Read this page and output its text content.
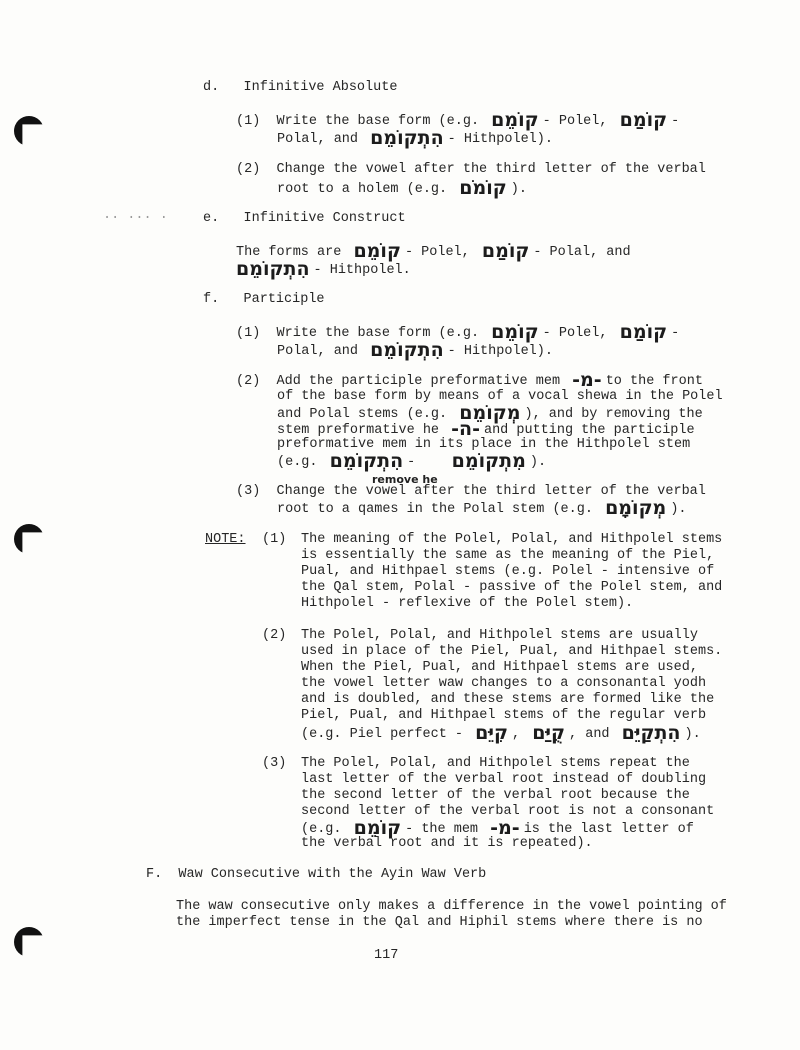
d. Infinitive Absolute
(1) Write the base form (e.g. קוֹמֵם - Polel, קוֹמַם -
Polal, and הִתְקוֹמֵם - Hithpolel).
(2) Change the vowel after the third letter of the verbal
root to a holem (e.g. קוֹמֹם ).
·· ··· ·	e. Infinitive Construct
The forms are קוֹמֵם - Polel, קוֹמַם - Polal, and
הִתְקוֹמֵם - Hithpolel.
f. Participle
(1) Write the base form (e.g. קוֹמֵם - Polel, קוֹמַם -
Polal, and הִתְקוֹמֵם - Hithpolel).
(2) Add the participle preformative mem -מ- to the front
of the base form by means of a vocal shewa in the Polel
and Polal stems (e.g. מְקוֹמֵם ), and by removing the
stem preformative he -ה- and putting the participle
preformative mem in its place in the Hithpolel stem
(e.g. הִתְקוֹמֵם - מִתְקוֹמֵם ).
remove he
(3) Change the vowel after the third letter of the verbal
root to a qames in the Polal stem (e.g. מְקוֹמָם ).
NOTE: (1) The meaning of the Polel, Polal, and Hithpolel stems
is essentially the same as the meaning of the Piel,
Pual, and Hithpael stems (e.g. Polel - intensive of
the Qal stem, Polal - passive of the Polel stem, and
Hithpolel - reflexive of the Polel stem).
(2) The Polel, Polal, and Hithpolel stems are usually
used in place of the Piel, Pual, and Hithpael stems.
When the Piel, Pual, and Hithpael stems are used,
the vowel letter waw changes to a consonantal yodh
and is doubled, and these stems are formed like the
Piel, Pual, and Hithpael stems of the regular verb
(e.g. Piel perfect - קִיֵּם , קֻיַּם , and הִתְקַיֵּם ).
(3) The Polel, Polal, and Hithpolel stems repeat the
last letter of the verbal root instead of doubling
the second letter of the verbal root because the
second letter of the verbal root is not a consonant
(e.g. קוֹמֵם - the mem -מ- is the last letter of
the verbal root and it is repeated).
F. Waw Consecutive with the Ayin Waw Verb
The waw consecutive only makes a difference in the vowel pointing of
the imperfect tense in the Qal and Hiphil stems where there is no
117
